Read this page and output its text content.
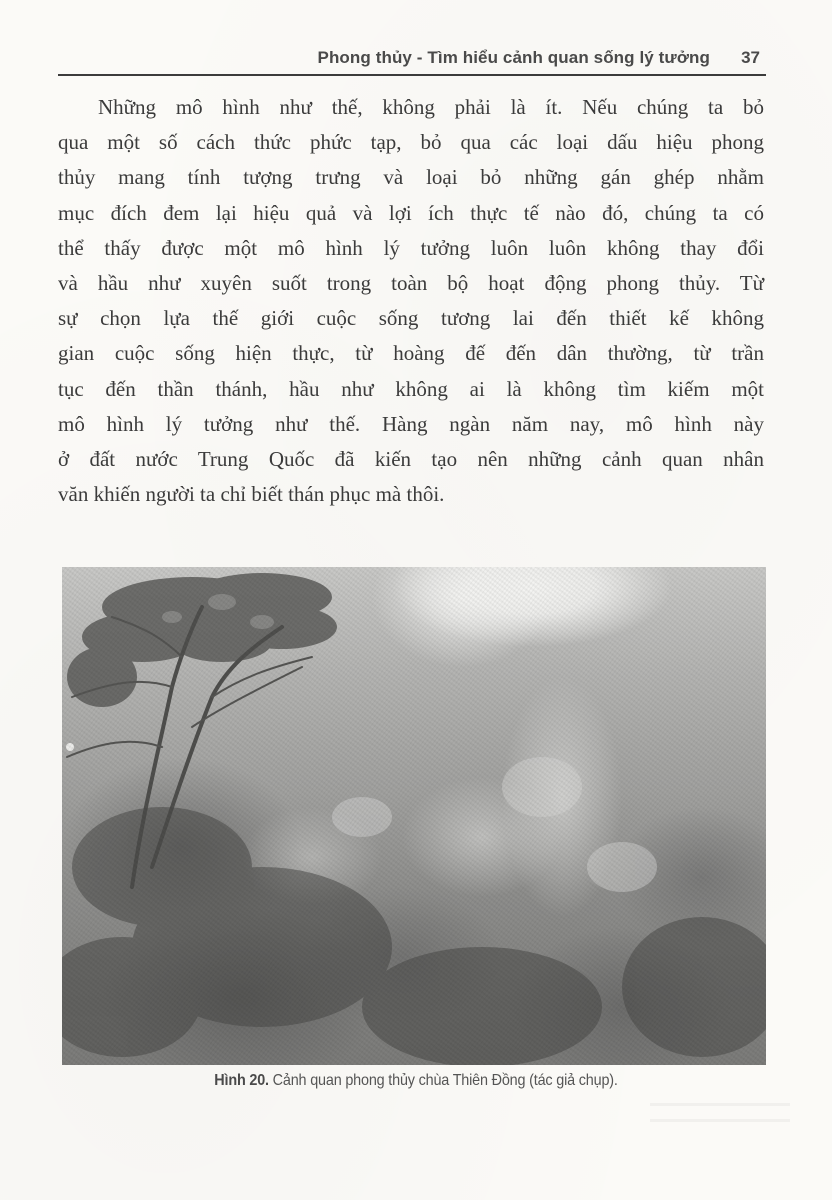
Phong thủy - Tìm hiểu cảnh quan sống lý tưởng 37
Những mô hình như thế, không phải là ít. Nếu chúng ta bỏ
qua một số cách thức phức tạp, bỏ qua các loại dấu hiệu phong
thủy mang tính tượng trưng và loại bỏ những gán ghép nhằm
mục đích đem lại hiệu quả và lợi ích thực tế nào đó, chúng ta có
thể thấy được một mô hình lý tưởng luôn luôn không thay đổi
và hầu như xuyên suốt trong toàn bộ hoạt động phong thủy. Từ
sự chọn lựa thế giới cuộc sống tương lai đến thiết kế không
gian cuộc sống hiện thực, từ hoàng đế đến dân thường, từ trần
tục đến thần thánh, hầu như không ai là không tìm kiếm một
mô hình lý tưởng như thế. Hàng ngàn năm nay, mô hình này
ở đất nước Trung Quốc đã kiến tạo nên những cảnh quan nhân
văn khiến người ta chỉ biết thán phục mà thôi.
Hình 20. Cảnh quan phong thủy chùa Thiên Đồng (tác giả chụp).
